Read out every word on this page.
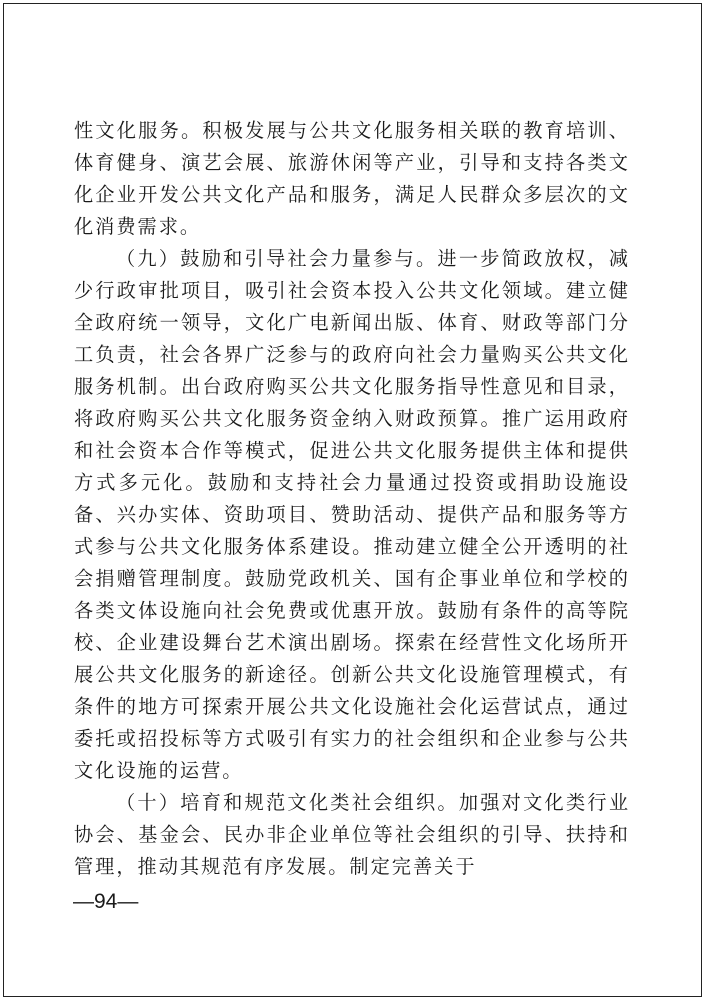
性文化服务。积极发展与公共文化服务相关联的教育培训、体育健身、演艺会展、旅游休闲等产业，引导和支持各类文化企业开发公共文化产品和服务，满足人民群众多层次的文化消费需求。

（九）鼓励和引导社会力量参与。进一步简政放权，减少行政审批项目，吸引社会资本投入公共文化领域。建立健全政府统一领导，文化广电新闻出版、体育、财政等部门分工负责，社会各界广泛参与的政府向社会力量购买公共文化服务机制。出台政府购买公共文化服务指导性意见和目录，将政府购买公共文化服务资金纳入财政预算。推广运用政府和社会资本合作等模式，促进公共文化服务提供主体和提供方式多元化。鼓励和支持社会力量通过投资或捐助设施设备、兴办实体、资助项目、赞助活动、提供产品和服务等方式参与公共文化服务体系建设。推动建立健全公开透明的社会捐赠管理制度。鼓励党政机关、国有企事业单位和学校的各类文体设施向社会免费或优惠开放。鼓励有条件的高等院校、企业建设舞台艺术演出剧场。探索在经营性文化场所开展公共文化服务的新途径。创新公共文化设施管理模式，有条件的地方可探索开展公共文化设施社会化运营试点，通过委托或招投标等方式吸引有实力的社会组织和企业参与公共文化设施的运营。

（十）培育和规范文化类社会组织。加强对文化类行业协会、基金会、民办非企业单位等社会组织的引导、扶持和管理，推动其规范有序发展。制定完善关于

—94—
